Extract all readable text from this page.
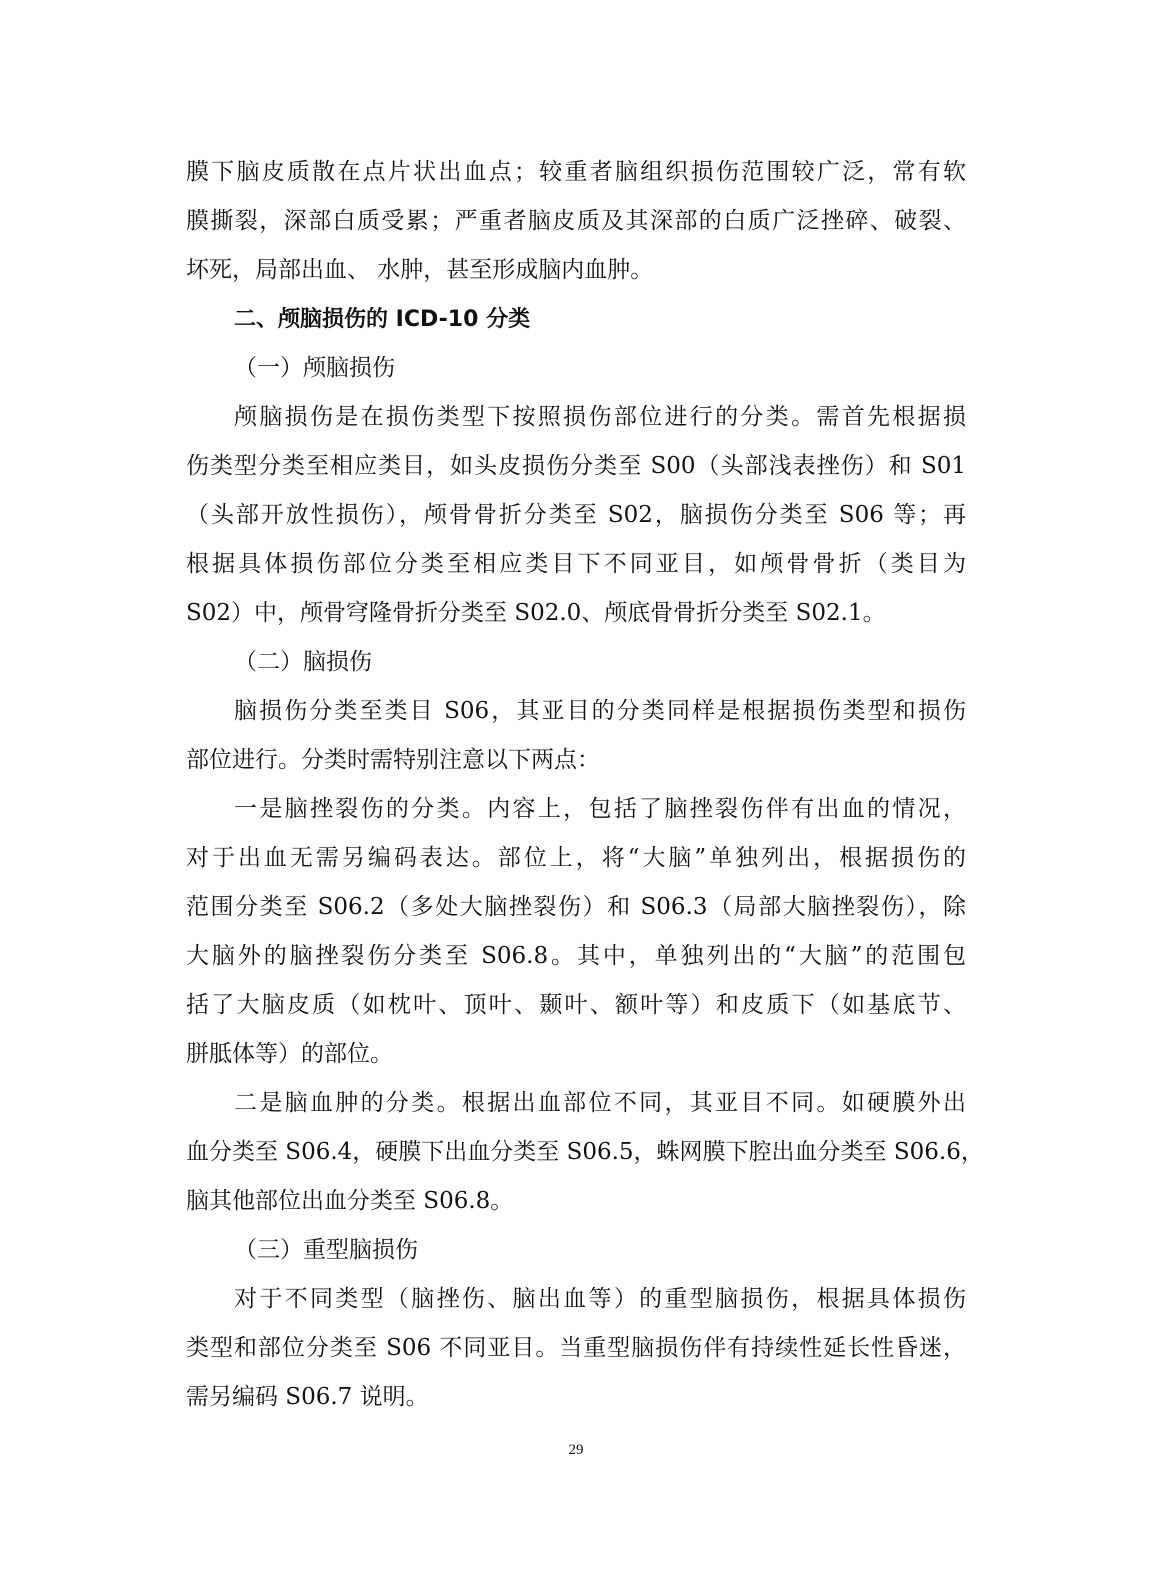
膜下脑皮质散在点片状出血点；较重者脑组织损伤范围较广泛，常有软
膜撕裂，深部白质受累；严重者脑皮质及其深部的白质广泛挫碎、破裂、
坏死，局部出血、 水肿，甚至形成脑内血肿。
二、颅脑损伤的 ICD-10 分类
（一）颅脑损伤
颅脑损伤是在损伤类型下按照损伤部位进行的分类。需首先根据损
伤类型分类至相应类目，如头皮损伤分类至 S00（头部浅表挫伤）和 S01
（头部开放性损伤），颅骨骨折分类至 S02，脑损伤分类至 S06 等；再
根据具体损伤部位分类至相应类目下不同亚目，如颅骨骨折（类目为
S02）中，颅骨穹隆骨折分类至 S02.0、颅底骨骨折分类至 S02.1。
（二）脑损伤
脑损伤分类至类目 S06，其亚目的分类同样是根据损伤类型和损伤
部位进行。分类时需特别注意以下两点：
一是脑挫裂伤的分类。内容上，包括了脑挫裂伤伴有出血的情况，
对于出血无需另编码表达。部位上，将“大脑”单独列出，根据损伤的
范围分类至 S06.2（多处大脑挫裂伤）和 S06.3（局部大脑挫裂伤），除
大脑外的脑挫裂伤分类至 S06.8。其中，单独列出的“大脑”的范围包
括了大脑皮质（如枕叶、顶叶、颞叶、额叶等）和皮质下（如基底节、
胼胝体等）的部位。
二是脑血肿的分类。根据出血部位不同，其亚目不同。如硬膜外出
血分类至 S06.4，硬膜下出血分类至 S06.5，蛛网膜下腔出血分类至 S06.6，
脑其他部位出血分类至 S06.8。
（三）重型脑损伤
对于不同类型（脑挫伤、脑出血等）的重型脑损伤，根据具体损伤
类型和部位分类至 S06 不同亚目。当重型脑损伤伴有持续性延长性昏迷，
需另编码 S06.7 说明。
29
